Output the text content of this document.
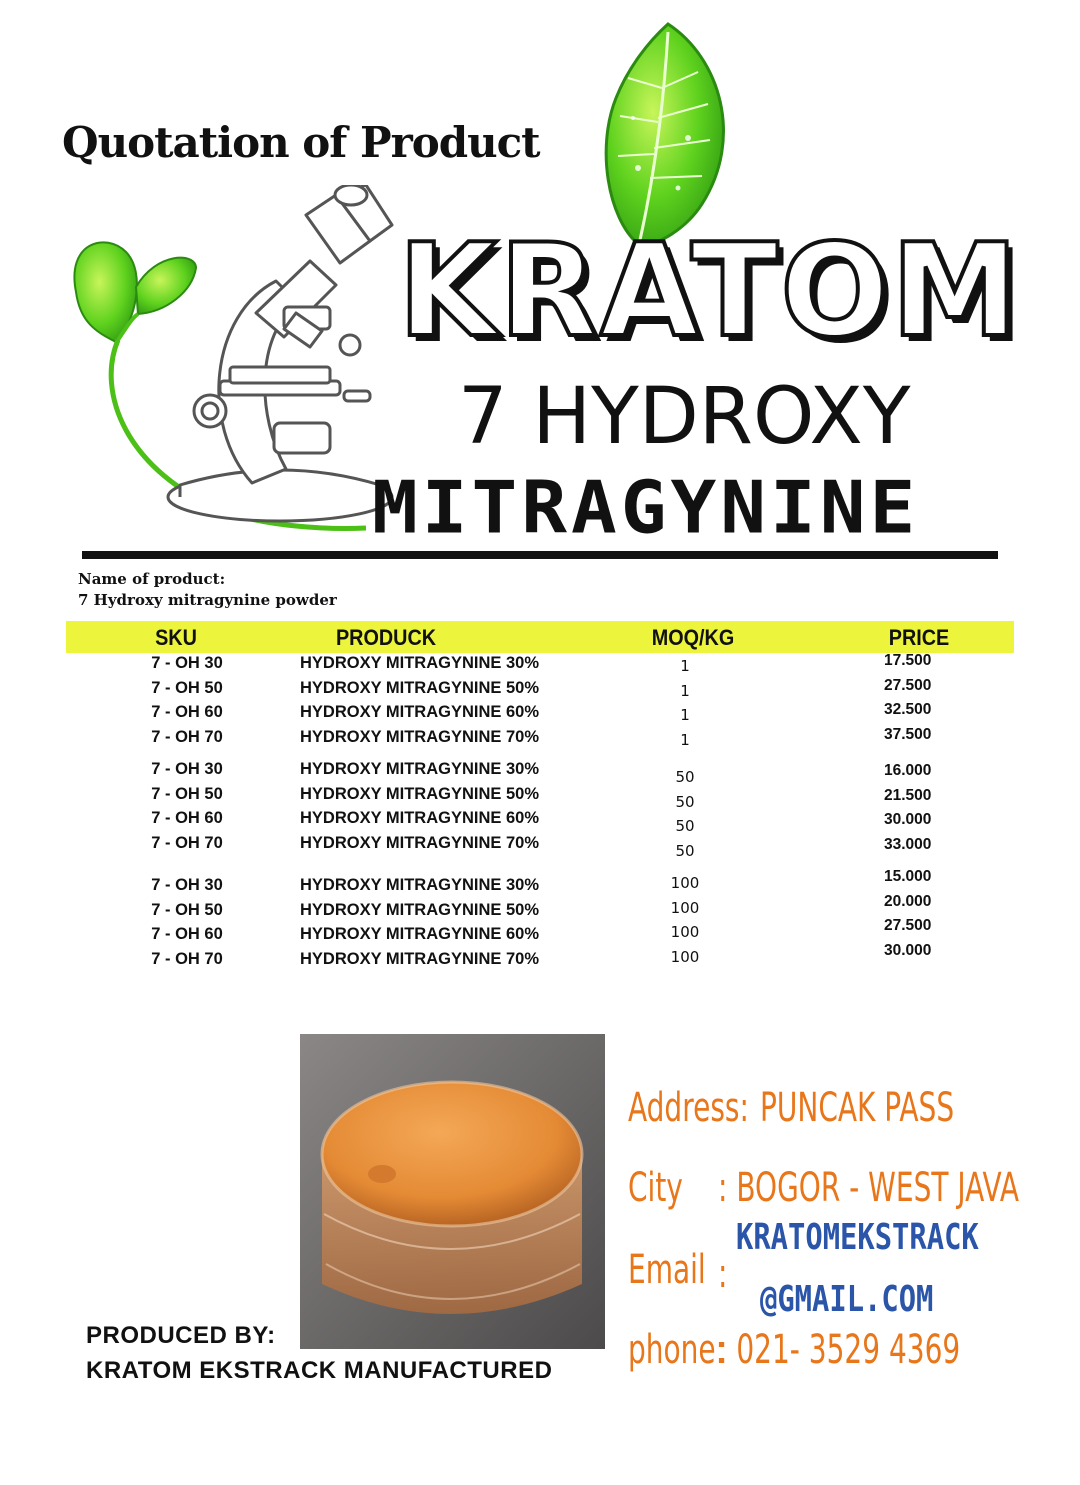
Quotation of Product
KRATOM
7 HYDROXY
MITRAGYNINE
Name of product:
7 Hydroxy mitragynine powder
SKU	PRODUCK	MOQ/KG	PRICE
7 - OH 30	HYDROXY MITRAGYNINE 30%	1	17.500
7 - OH 50	HYDROXY MITRAGYNINE 50%	1	27.500
7 - OH 60	HYDROXY MITRAGYNINE 60%	1	32.500
7 - OH 70	HYDROXY MITRAGYNINE 70%	1	37.500
7 - OH 30	HYDROXY MITRAGYNINE 30%	50	16.000
7 - OH 50	HYDROXY MITRAGYNINE 50%	50	21.500
7 - OH 60	HYDROXY MITRAGYNINE 60%	50	30.000
7 - OH 70	HYDROXY MITRAGYNINE 70%	50	33.000
7 - OH 30	HYDROXY MITRAGYNINE 30%	100	15.000
7 - OH 50	HYDROXY MITRAGYNINE 50%	100	20.000
7 - OH 60	HYDROXY MITRAGYNINE 60%	100	27.500
7 - OH 70	HYDROXY MITRAGYNINE 70%	100	30.000
PRODUCED BY:
KRATOM EKSTRACK MANUFACTURED
Address: PUNCAK PASS
City : BOGOR - WEST JAVA
Email :
KRATOMEKSTRACK
@GMAIL.COM
phone:
: 021- 3529 4369
